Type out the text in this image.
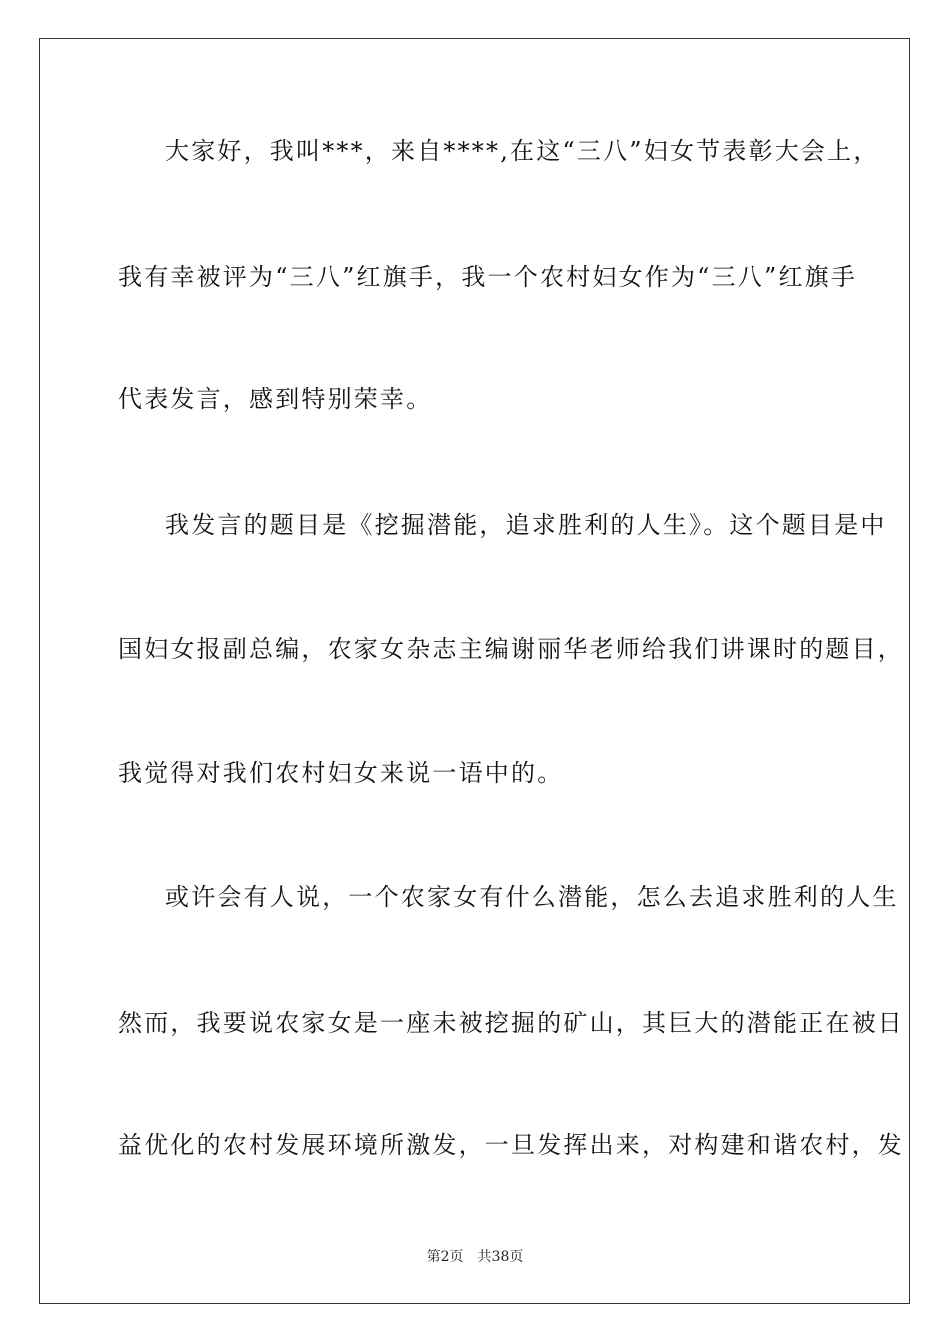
大家好，我叫***，来自****,在这“三八”妇女节表彰大会上，
我有幸被评为“三八”红旗手，我一个农村妇女作为“三八”红旗手
代表发言，感到特别荣幸。
我发言的题目是《挖掘潜能，追求胜利的人生》。这个题目是中
国妇女报副总编，农家女杂志主编谢丽华老师给我们讲课时的题目，
我觉得对我们农村妇女来说一语中的。
或许会有人说，一个农家女有什么潜能，怎么去追求胜利的人生
然而，我要说农家女是一座未被挖掘的矿山，其巨大的潜能正在被日
益优化的农村发展环境所激发，一旦发挥出来，对构建和谐农村，发
第2页 共38页
